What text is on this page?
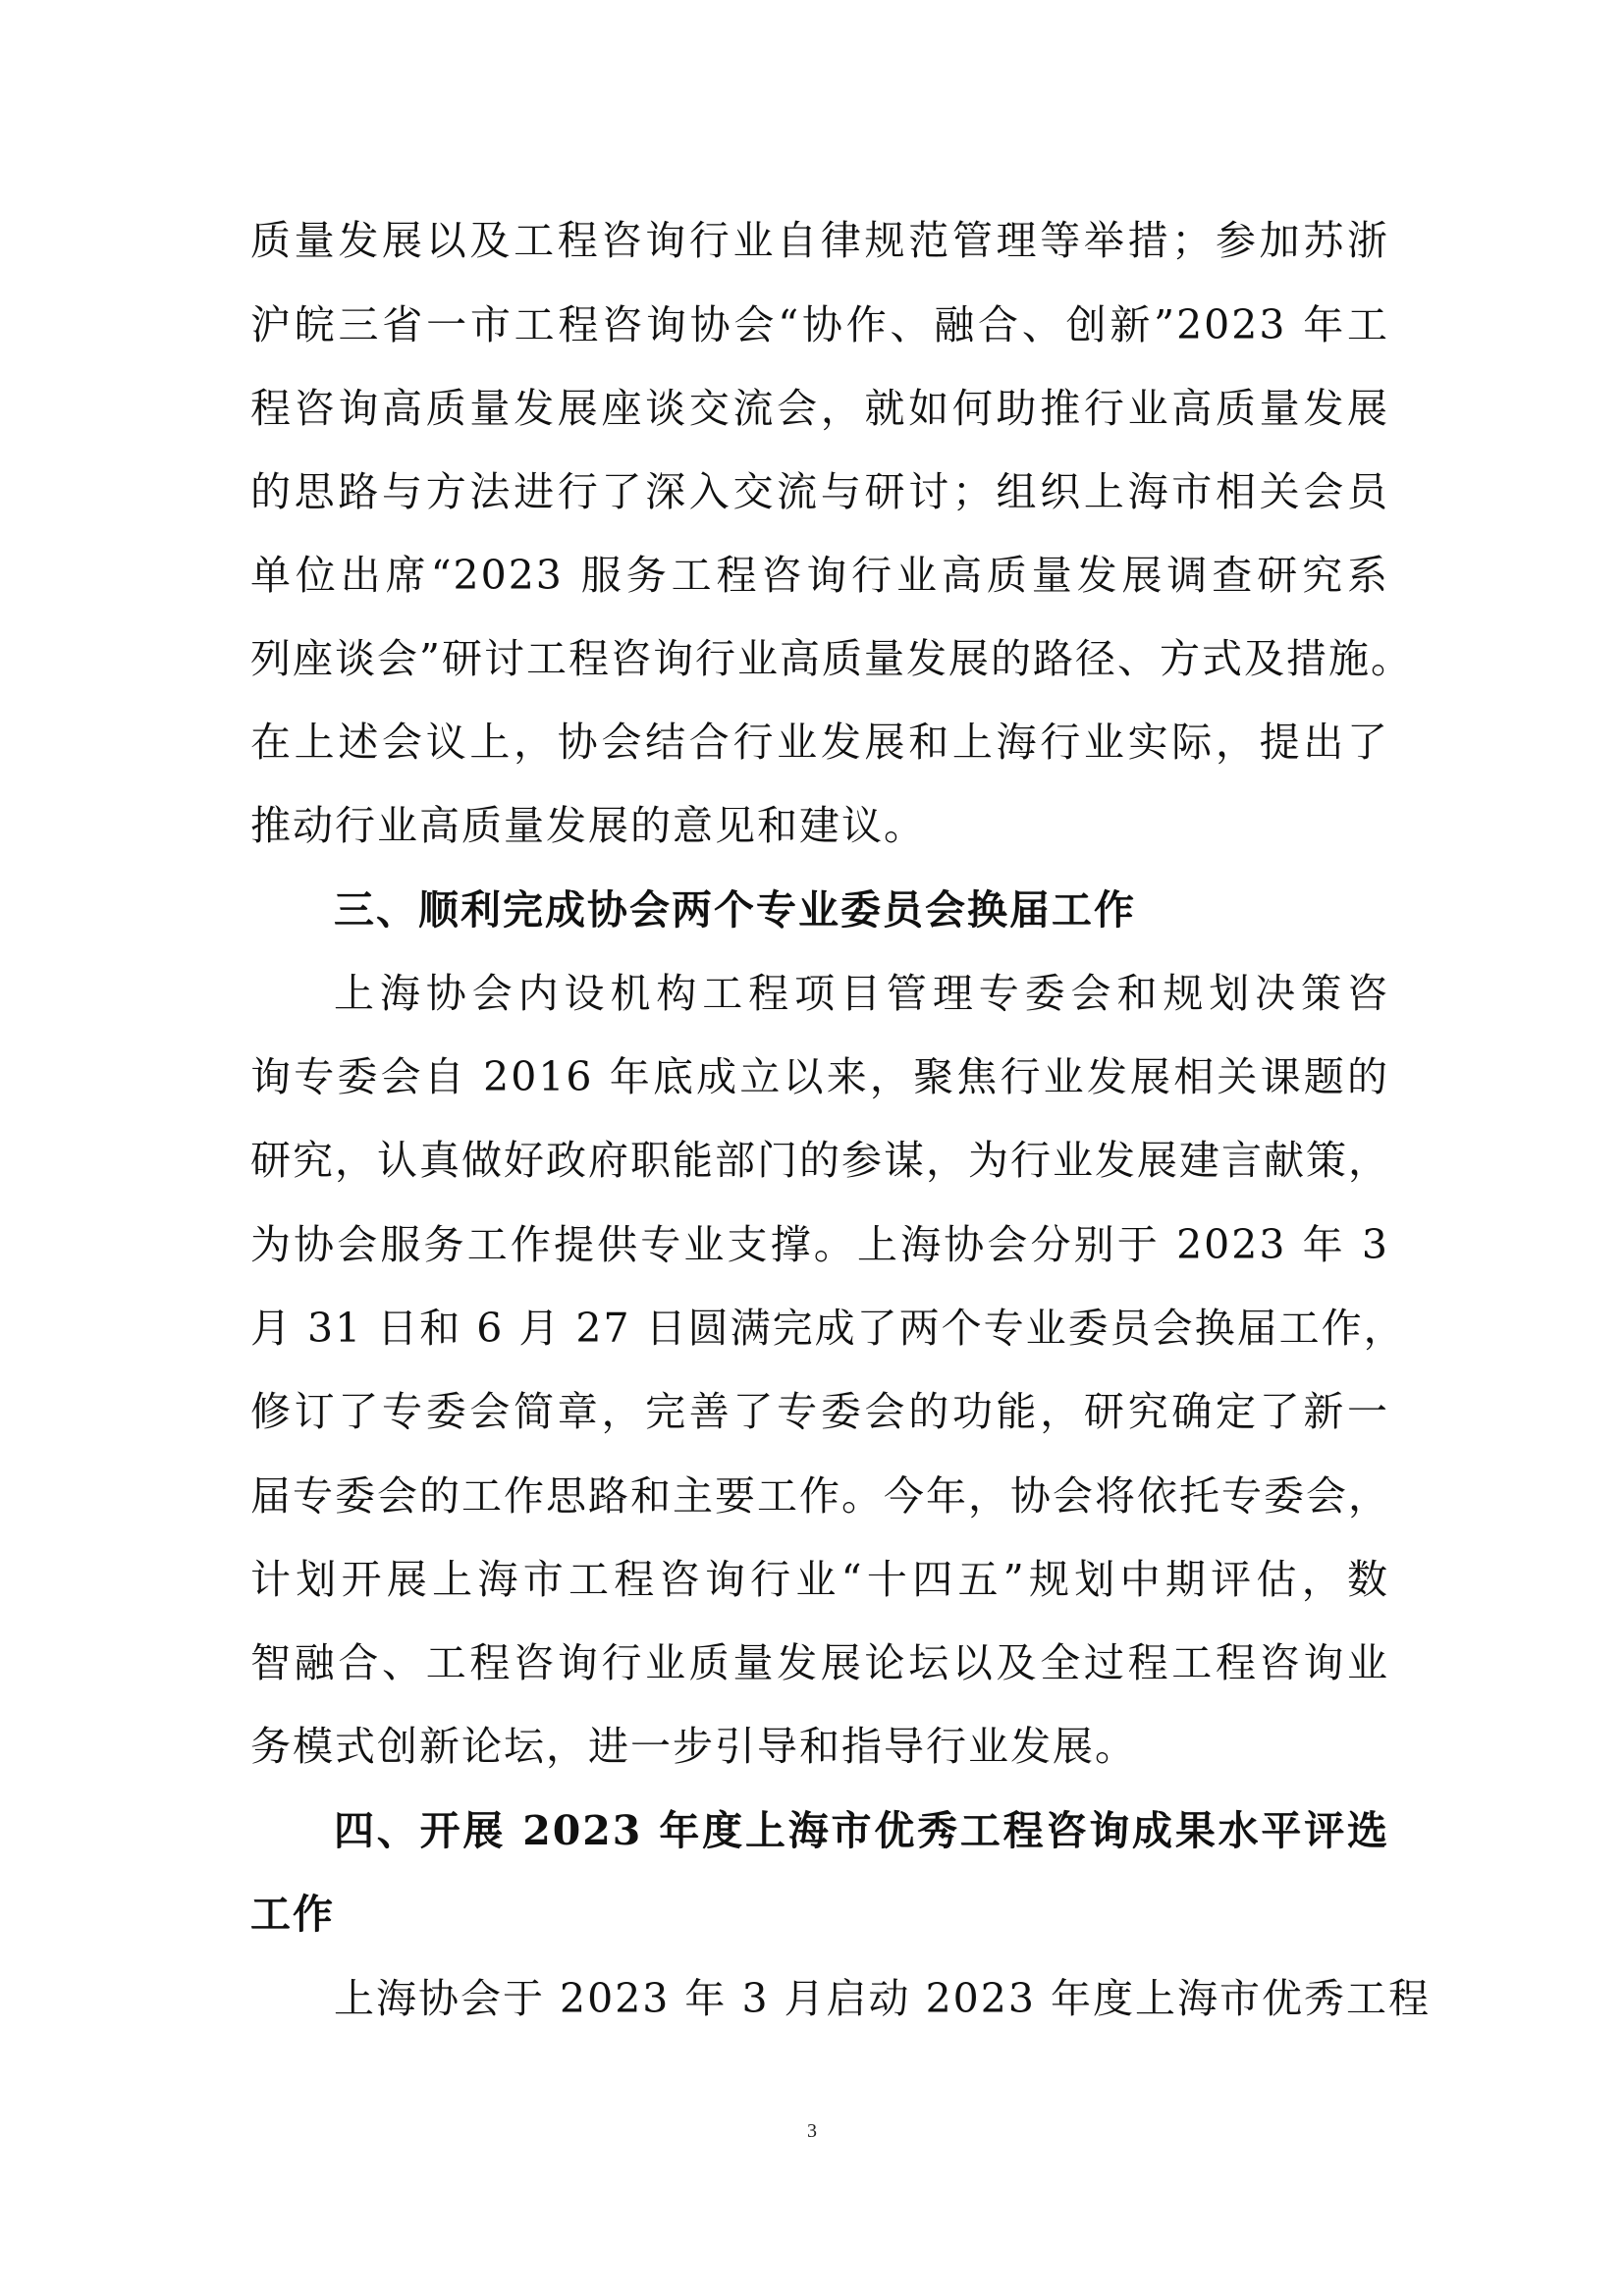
质量发展以及工程咨询行业自律规范管理等举措；参加苏浙
沪皖三省一市工程咨询协会“协作、融合、创新”2023 年工
程咨询高质量发展座谈交流会，就如何助推行业高质量发展
的思路与方法进行了深入交流与研讨；组织上海市相关会员
单位出席“2023 服务工程咨询行业高质量发展调查研究系
列座谈会”研讨工程咨询行业高质量发展的路径、方式及措施。
在上述会议上，协会结合行业发展和上海行业实际，提出了
推动行业高质量发展的意见和建议。
三、顺利完成协会两个专业委员会换届工作
上海协会内设机构工程项目管理专委会和规划决策咨
询专委会自 2016 年底成立以来，聚焦行业发展相关课题的
研究，认真做好政府职能部门的参谋，为行业发展建言献策，
为协会服务工作提供专业支撑。上海协会分别于 2023 年 3
月 31 日和 6 月 27 日圆满完成了两个专业委员会换届工作，
修订了专委会简章，完善了专委会的功能，研究确定了新一
届专委会的工作思路和主要工作。今年，协会将依托专委会，
计划开展上海市工程咨询行业“十四五”规划中期评估，数
智融合、工程咨询行业质量发展论坛以及全过程工程咨询业
务模式创新论坛，进一步引导和指导行业发展。
四、开展 2023 年度上海市优秀工程咨询成果水平评选
工作
上海协会于 2023 年 3 月启动 2023 年度上海市优秀工程
3
